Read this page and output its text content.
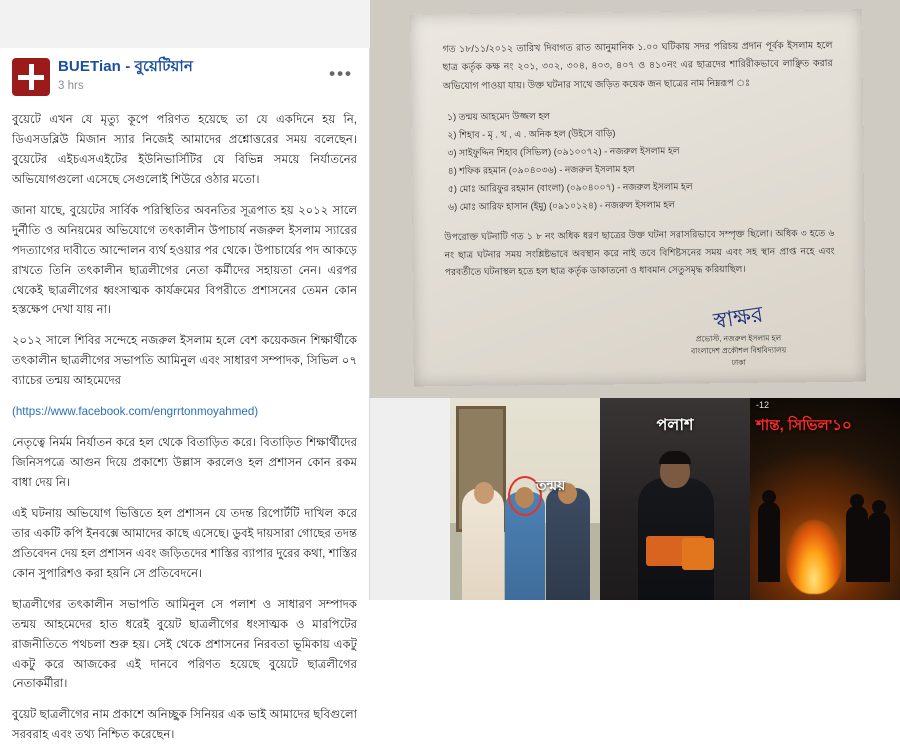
BUETian - বুয়েটিয়ান
3 hrs
•••

বুয়েটে এখন যে মৃত্যু কূপে পরিণত হয়েছে তা যে একদিনে হয় নি, ডিএসডব্লিউ মিজান স্যার নিজেই আমাদের প্রশ্নোত্তরের সময় বলেছেন। বুয়েটের এইচএসএইটের ইউনিভার্সিটির যে বিভিন্ন সময়ে নির্যাতনের অভিযোগগুলো এসেছে সেগুলোই শিউরে ওঠার মতো।

জানা যাছে, বুয়েটের সার্বিক পরিস্থিতির অবনতির সূত্রপাত হয় ২০১২ সালে দুর্নীতি ও অনিয়মের অভিযোগে তৎকালীন উপাচার্য নজরুল ইসলাম স্যারের পদত্যাগের দাবীতে আন্দোলন ব্যর্থ হওয়ার পর থেকে। উপাচার্যের পদ আকড়ে রাখতে তিনি তৎকালীন ছাত্রলীগের নেতা কর্মীদের সহায়তা নেন। এরপর থেকেই ছাত্রলীগের ধ্বংসাত্মক কার্যক্রমের বিপরীতে প্রশাসনের তেমন কোন হস্তক্ষেপ দেখা যায় না।

২০১২ সালে শিবির সন্দেহে নজরুল ইসলাম হলে বেশ কয়েকজন শিক্ষার্থীকে তৎকালীন ছাত্রলীগের সভাপতি আমিনুল এবং সাধারণ সম্পাদক, সিভিল ০৭ ব্যাচের তন্ময় আহমেদের

(https://www.facebook.com/engrrtonmoyahmed)

নেতৃত্বে নির্মম নির্যাতন করে হল থেকে বিতাড়িত করে। বিতাড়িত শিক্ষার্থীদের জিনিসপত্রে আগুন দিয়ে প্রকাশ্যে উল্লাস করলেও হল প্রশাসন কোন রকম বাধা দেয় নি।

এই ঘটনায় অভিযোগ ভিত্তিতে হল প্রশাসন যে তদন্ত রিপোর্টটি দাখিল করে তার একটি কপি ইনবক্সে আমাদের কাছে এসেছে। ডুবই দায়সারা গোছের তদন্ত প্রতিবেদন দেয় হল প্রশাসন এবং জড়িতদের শাস্তির ব্যাপার দুরের কথা, শাস্তির কোন সুপারিশও করা হয়নি সে প্রতিবেদনে।

ছাত্রলীগের তৎকালীন সভাপতি আমিনুল সে পলাশ ও সাধারণ সম্পাদক তন্ময় আহমেদের হাত ধরেই বুয়েট ছাত্রলীগের ধংসাত্মক ও মারপিটের রাজনীতিতে পথচলা শুরু হয়। সেই থেকে প্রশাসনের নিরবতা ভূমিকায় একটু একটু করে আজকের এই দানবে পরিণত হয়েছে বুয়েটে ছাত্রলীগের নেতাকর্মীরা।

বুয়েট ছাত্রলীগের নাম প্রকাশে অনিচ্ছুক সিনিয়র এক ভাই আমাদের ছবিগুলো সরবরাহ এবং তথ্য নিশ্চিত করেছেন।

গত ১৮/১১/২০১২ তারিখ দিবাগত রাত আনুমানিক ১.০০ ঘটিকায় সদর পরিচয় প্রদান পূর্বক ইসলাম হলে ছাত্র কর্তৃক কক্ষ নং ২০১, ৩০২, ৩০৪, ৪০৩, ৪০৭ ও ৪১০নং এর ছাত্রদের শারিরীকভাবে লাঞ্ছিত করার অভিযোগ পাওয়া যায়। উক্ত ঘটনার সাথে জড়িত কয়েক জন ছাত্রের নাম নিম্নরূপ ঃ

১) তন্ময় আহমেদ উজ্জল হল
২) শিহাব - মৃ . খ , এ . অনিক হল (উইসে বাড়ি)
৩) সাইফুদ্দিন শিহাব (সিভিল) (০৯১০০৭২) - নজরুল ইসলাম হল
৪) শফিক রহমান (০৯০৪০৩৬) - নজরুল ইসলাম হল
৫) মোঃ আরিফুর রহমান (বাংলা) (০৯০৪০০৭) - নজরুল ইসলাম হল
৬) মোঃ আরিফ হাসান (ইমু) (০৯১০১২৪) - নজরুল ইসলাম হল

উপরোক্ত ঘটনাটি গত ১ ৮ নং অধিক ধরণ ছাত্রের উক্ত ঘটনা সরাসরিভাবে সম্পৃক্ত ছিলো। অধিক ৩ হতে ৬ নং ছাত্র ঘটনার সময় সংশ্লিষ্টভাবে অবস্থান করে নাই তবে বিশিষ্টসনের সময় এবং সহ স্থান প্রাপ্ত নহে এবং পরবর্তীতে ঘটনাস্থল হতে হল ছাত্র কর্তৃক ডাকাতনো ও ধাবমান সেতুসমৃদ্ধ করিয়াছিল।

স্বাক্ষর
প্রভোস্ট, নজরুল ইসলাম হল
বাংলাদেশ প্রকৌশল বিশ্ববিদ্যালয়
ঢাকা
তন্ময়
পলাশ
-12
শান্ত, সিভিল'১০
